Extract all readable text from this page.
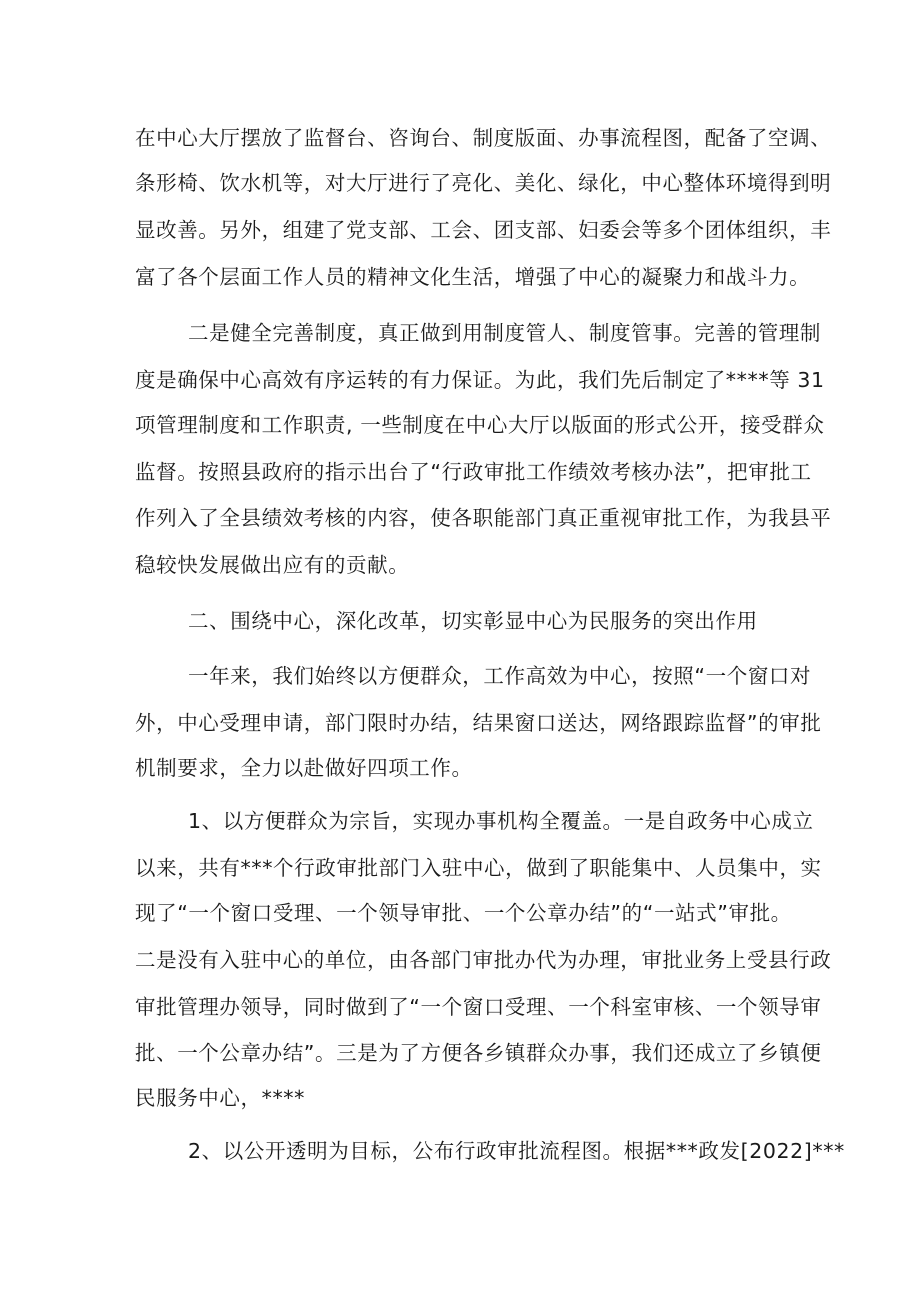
在中心大厅摆放了监督台、咨询台、制度版面、办事流程图，配备了空调、
条形椅、饮水机等，对大厅进行了亮化、美化、绿化，中心整体环境得到明
显改善。另外，组建了党支部、工会、团支部、妇委会等多个团体组织，丰
富了各个层面工作人员的精神文化生活，增强了中心的凝聚力和战斗力。
二是健全完善制度，真正做到用制度管人、制度管事。完善的管理制
度是确保中心高效有序运转的有力保证。为此，我们先后制定了****等 31
项管理制度和工作职责, 一些制度在中心大厅以版面的形式公开，接受群众
监督。按照县政府的指示出台了“行政审批工作绩效考核办法”，把审批工
作列入了全县绩效考核的内容，使各职能部门真正重视审批工作，为我县平
稳较快发展做出应有的贡献。
二、围绕中心，深化改革，切实彰显中心为民服务的突出作用
一年来，我们始终以方便群众，工作高效为中心，按照“一个窗口对
外，中心受理申请，部门限时办结，结果窗口送达，网络跟踪监督”的审批
机制要求，全力以赴做好四项工作。
1、以方便群众为宗旨，实现办事机构全覆盖。一是自政务中心成立
以来，共有***个行政审批部门入驻中心，做到了职能集中、人员集中，实
现了“一个窗口受理、一个领导审批、一个公章办结”的“一站式”审批。
二是没有入驻中心的单位，由各部门审批办代为办理，审批业务上受县行政
审批管理办领导，同时做到了“一个窗口受理、一个科室审核、一个领导审
批、一个公章办结”。三是为了方便各乡镇群众办事，我们还成立了乡镇便
民服务中心，****
2、以公开透明为目标，公布行政审批流程图。根据***政发[2022]***
